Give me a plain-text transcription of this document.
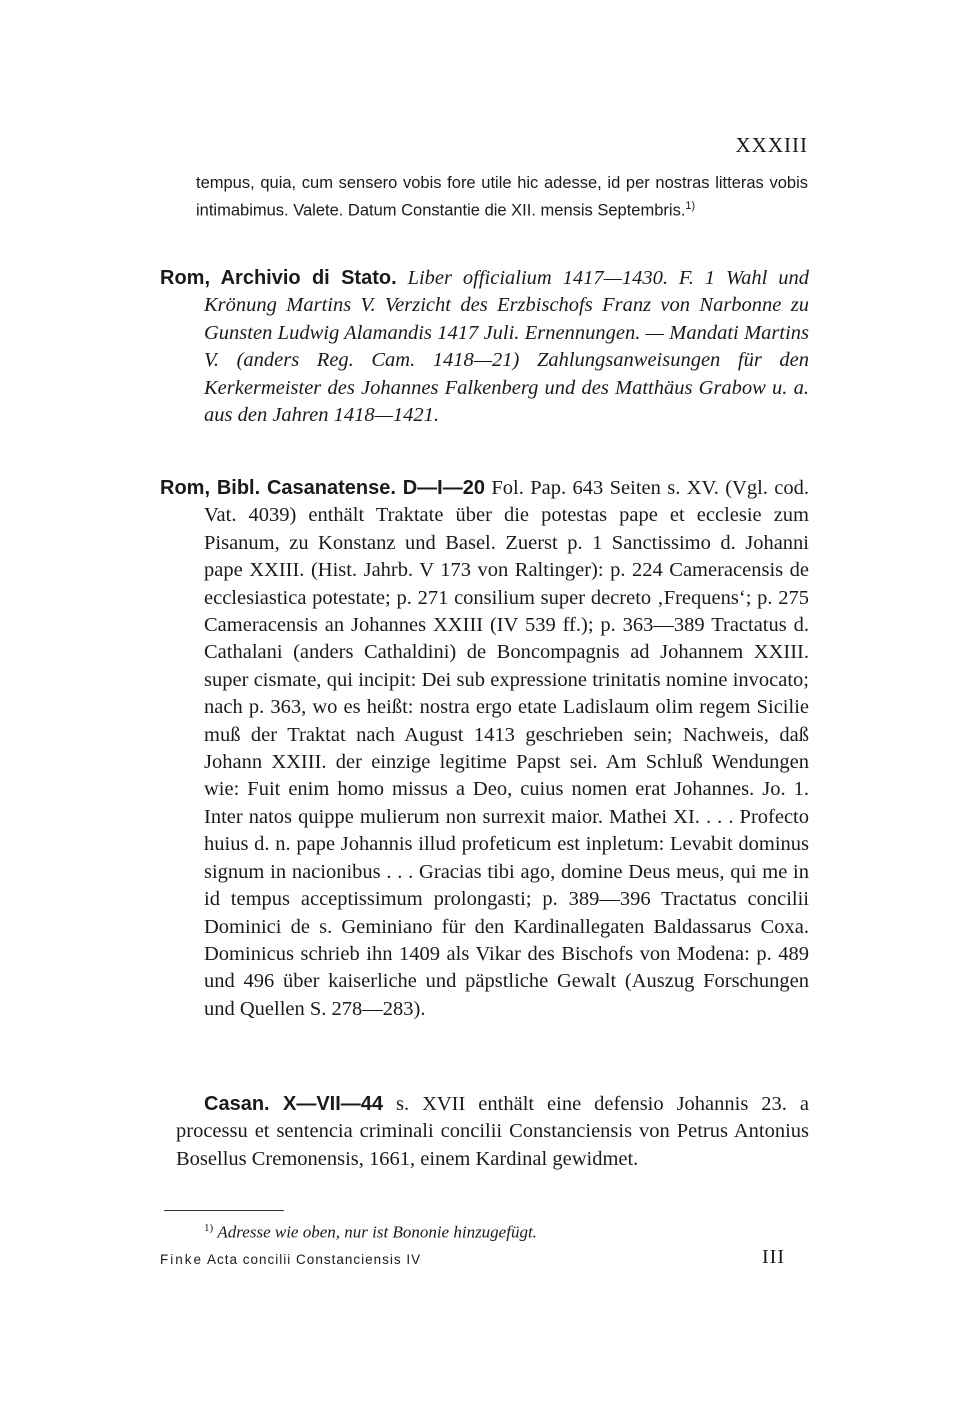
XXXIII
tempus, quia, cum sensero vobis fore utile hic adesse, id per nostras litteras vobis intimabimus. Valete. Datum Constantie die XII. mensis Septembris.$^{1)}$
Rom, Archivio di Stato. Liber officialium 1417—1430. F. 1 Wahl und Krönung Martins V. Verzicht des Erzbischofs Franz von Narbonne zu Gunsten Ludwig Alamandis 1417 Juli. Ernennungen. — Mandati Martins V. (anders Reg. Cam. 1418—21) Zahlungsanweisungen für den Kerkermeister des Johannes Falkenberg und des Matthäus Grabow u. a. aus den Jahren 1418—1421.
Rom, Bibl. Casanatense. D—I—20 Fol. Pap. 643 Seiten s. XV. (Vgl. cod. Vat. 4039) enthält Traktate über die potestas pape et ecclesie zum Pisanum, zu Konstanz und Basel. Zuerst p. 1 Sanctissimo d. Johanni pape XXIII. (Hist. Jahrb. V 173 von Raltinger): p. 224 Cameracensis de ecclesiastica potestate; p. 271 consilium super decreto ‚Frequens‘; p. 275 Cameracensis an Johannes XXIII (IV 539 ff.); p. 363—389 Tractatus d. Cathalani (anders Cathaldini) de Boncompagnis ad Johannem XXIII. super cismate, qui incipit: Dei sub expressione trinitatis nomine invocato; nach p. 363, wo es heißt: nostra ergo etate Ladislaum olim regem Sicilie muß der Traktat nach August 1413 geschrieben sein; Nachweis, daß Johann XXIII. der einzige legitime Papst sei. Am Schluß Wendungen wie: Fuit enim homo missus a Deo, cuius nomen erat Johannes. Jo. 1. Inter natos quippe mulierum non surrexit maior. Mathei XI. . . . Profecto huius d. n. pape Johannis illud profeticum est inpletum: Levabit dominus signum in nacionibus . . . Gracias tibi ago, domine Deus meus, qui me in id tempus acceptissimum prolongasti; p. 389—396 Tractatus concilii Dominici de s. Geminiano für den Kardinallegaten Baldassarus Coxa. Dominicus schrieb ihn 1409 als Vikar des Bischofs von Modena: p. 489 und 496 über kaiserliche und päpstliche Gewalt (Auszug Forschungen und Quellen S. 278—283).
Casan. X—VII—44 s. XVII enthält eine defensio Johannis 23. a processu et sentencia criminali concilii Constanciensis von Petrus Antonius Bosellus Cremonensis, 1661, einem Kardinal gewidmet.
$^{1)}$ Adresse wie oben, nur ist Bononie hinzugefügt.
Finke Acta concilii Constanciensis IV	III
